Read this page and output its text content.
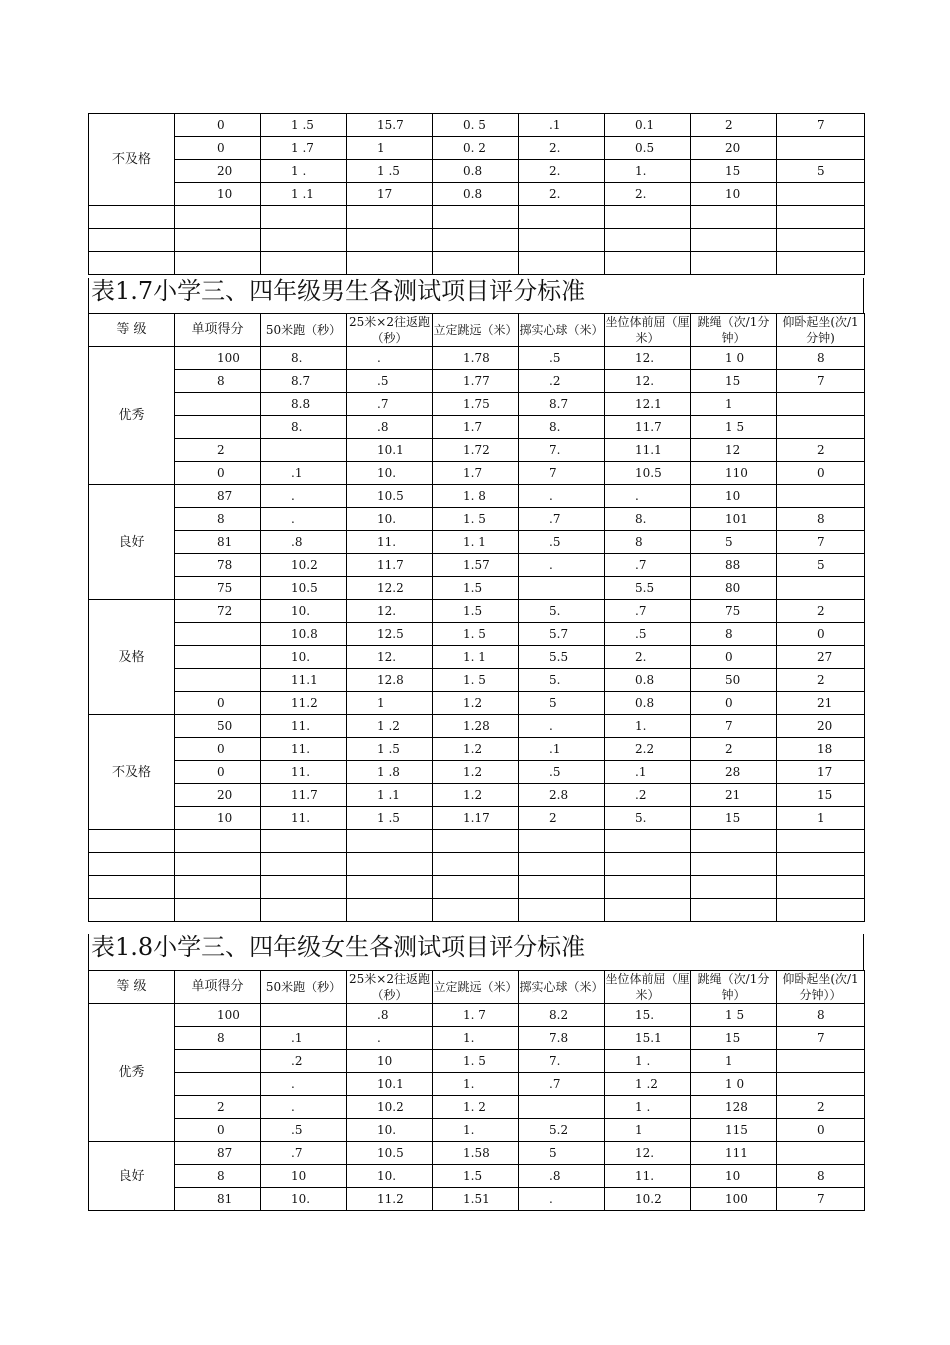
不及格	0	1 .5	15.7	0. 5	.1	0.1	2	7
	0	1 .7	1	0. 2	2.	0.5	20	
	20	1 .	1 .5	0.8	2.	1.	15	5
	10	1 .1	17	0.8	2.	2.	10	

表1.7小学三、四年级男生各测试项目评分标准
等 级	单项得分	50米跑（秒）	25米×2往返跑（秒）	立定跳远（米）	掷实心球（米）	坐位体前屈（厘米）	跳绳（次/1分钟）	仰卧起坐(次/1分钟)
优秀	100	8.	.	1.78	.5	12.	1 0	8
	8	8.7	.5	1.77	.2	12.	15	7
		8.8	.7	1.75	8.7	12.1	1	
		8.	.8	1.7	8.	11.7	1 5	
	2		10.1	1.72	7.	11.1	12	2
	0	.1	10.	1.7	7	10.5	110	0
良好	87	.	10.5	1. 8	.	.	10	
	8	.	10.	1. 5	.7	8.	101	8
	81	.8	11.	1. 1	.5	8	5	7
	78	10.2	11.7	1.57	.	.7	88	5
	75	10.5	12.2	1.5		5.5	80	
及格	72	10.	12.	1.5	5.	.7	75	2
		10.8	12.5	1. 5	5.7	.5	8	0
		10.	12.	1. 1	5.5	2.	0	27
		11.1	12.8	1. 5	5.	0.8	50	2
	0	11.2	1	1.2	5	0.8	0	21
不及格	50	11.	1 .2	1.28	.	1.	7	20
	0	11.	1 .5	1.2	.1	2.2	2	18
	0	11.	1 .8	1.2	.5	.1	28	17
	20	11.7	1 .1	1.2	2.8	.2	21	15
	10	11.	1 .5	1.17	2	5.	15	1

表1.8小学三、四年级女生各测试项目评分标准
等 级	单项得分	50米跑（秒）	25米×2往返跑（秒）	立定跳远（米）	掷实心球（米）	坐位体前屈（厘米）	跳绳（次/1分钟）	仰卧起坐(次/1分钟））
优秀	100		.8	1. 7	8.2	15.	1 5	8
	8	.1	.	1.	7.8	15.1	15	7
		.2	10	1. 5	7.	1 .	1	
		.	10.1	1.	.7	1 .2	1 0	
	2	.	10.2	1. 2		1 .	128	2
	0	.5	10.	1.	5.2	1	115	0
良好	87	.7	10.5	1.58	5	12.	111	
	8	10	10.	1.5	.8	11.	10	8
	81	10.	11.2	1.51	.	10.2	100	7
